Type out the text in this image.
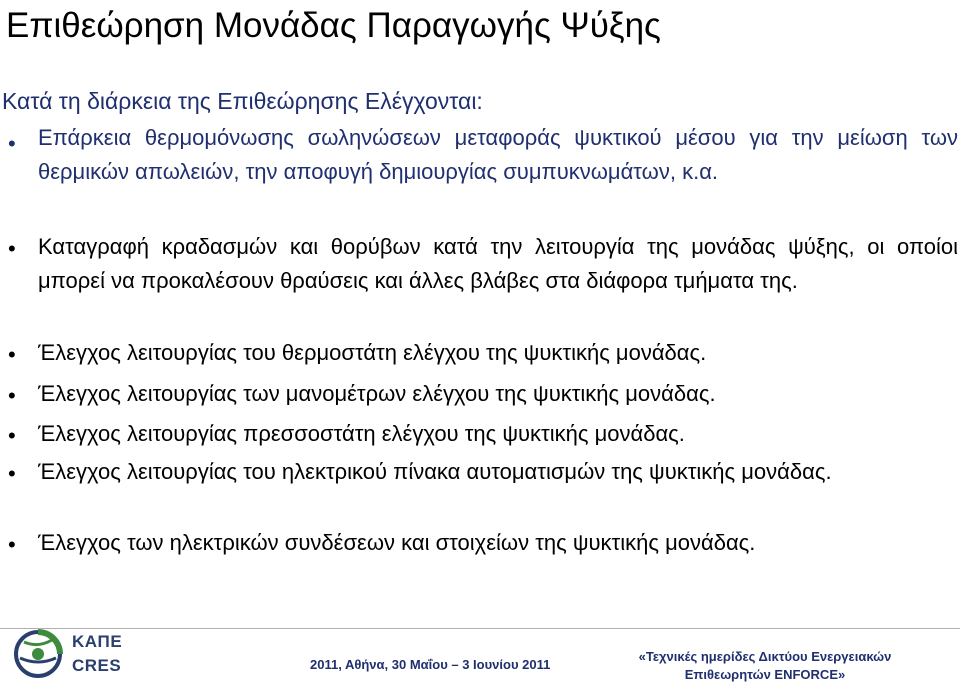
Επιθεώρηση Μονάδας Παραγωγής Ψύξης
Κατά τη διάρκεια της Επιθεώρησης Ελέγχονται:
• Επάρκεια θερμομόνωσης σωληνώσεων μεταφοράς ψυκτικού μέσου για την μείωση των θερμικών απωλειών, την αποφυγή δημιουργίας συμπυκνωμάτων, κ.α.
• Καταγραφή κραδασμών και θορύβων κατά την λειτουργία της μονάδας ψύξης, οι οποίοι μπορεί να προκαλέσουν θραύσεις και άλλες βλάβες στα διάφορα τμήματα της.
• Έλεγχος λειτουργίας του θερμοστάτη ελέγχου της ψυκτικής μονάδας.
• Έλεγχος λειτουργίας των μανομέτρων ελέγχου της ψυκτικής μονάδας.
• Έλεγχος λειτουργίας πρεσσοστάτη ελέγχου της ψυκτικής μονάδας.
• Έλεγχος λειτουργίας του ηλεκτρικού πίνακα αυτοματισμών της ψυκτικής μονάδας.
• Έλεγχος των ηλεκτρικών συνδέσεων και στοιχείων της ψυκτικής μονάδας.
ΚΑΠΕ
CRES	2011, Αθήνα, 30 Μαΐου – 3 Ιουνίου 2011
«Τεχνικές ημερίδες Δικτύου Ενεργειακών
Επιθεωρητών ENFORCE»
